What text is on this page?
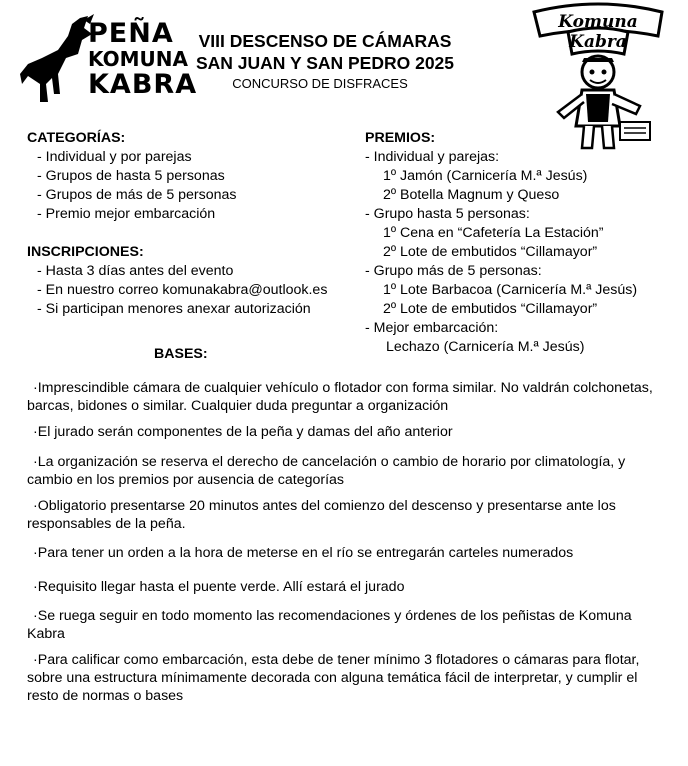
PEÑA
KOMUNA
KABRA
VIII DESCENSO DE CÁMARAS
SAN JUAN Y SAN PEDRO 2025
CONCURSO DE DISFRACES
Komuna Kabra
CATEGORÍAS:
- Individual y por parejas
- Grupos de hasta 5 personas
- Grupos de más de 5 personas
- Premio mejor embarcación
INSCRIPCIONES:
- Hasta 3 días antes del evento
- En nuestro correo komunakabra@outlook.es
- Si participan menores anexar autorización
PREMIOS:
- Individual y parejas:
1º Jamón (Carnicería M.ª Jesús)
2º Botella Magnum y Queso
- Grupo hasta 5 personas:
1º Cena en “Cafetería La Estación”
2º Lote de embutidos “Cillamayor”
- Grupo más de 5 personas:
1º Lote Barbacoa (Carnicería M.ª Jesús)
2º Lote de embutidos “Cillamayor”
- Mejor embarcación:
Lechazo (Carnicería M.ª Jesús)
BASES:
·Imprescindible cámara de cualquier vehículo o flotador con forma similar. No valdrán colchonetas, barcas, bidones o similar. Cualquier duda preguntar a organización
·El jurado serán componentes de la peña y damas del año anterior
·La organización se reserva el derecho de cancelación o cambio de horario por climatología, y cambio en los premios por ausencia de categorías
·Obligatorio presentarse 20 minutos antes del comienzo del descenso y presentarse ante los responsables de la peña.
·Para tener un orden a la hora de meterse en el río se entregarán carteles numerados
·Requisito llegar hasta el puente verde. Allí estará el jurado
·Se ruega seguir en todo momento las recomendaciones y órdenes de los peñistas de Komuna Kabra
·Para calificar como embarcación, esta debe de tener mínimo 3 flotadores o cámaras para flotar, sobre una estructura mínimamente decorada con alguna temática fácil de interpretar, y cumplir el resto de normas o bases
